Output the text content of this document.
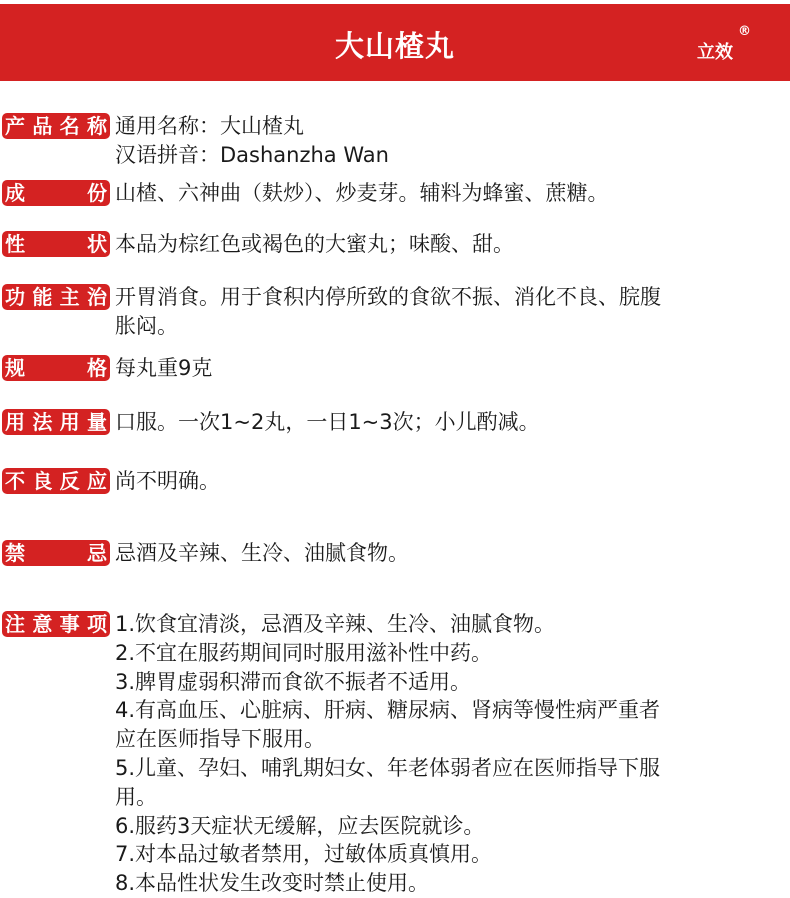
大山楂丸	立效
®
产品名称 通用名称：大山楂丸
汉语拼音：Dashanzha Wan
成份 山楂、六神曲（麸炒）、炒麦芽。辅料为蜂蜜、蔗糖。
性状 本品为棕红色或褐色的大蜜丸；味酸、甜。
功能主治 开胃消食。用于食积内停所致的食欲不振、消化不良、脘腹
胀闷。
规格 每丸重9克
用法用量 口服。一次1~2丸，一日1~3次；小儿酌减。
不良反应 尚不明确。
禁忌 忌酒及辛辣、生冷、油腻食物。
注意事项 1.饮食宜清淡，忌酒及辛辣、生冷、油腻食物。
2.不宜在服药期间同时服用滋补性中药。
3.脾胃虚弱积滞而食欲不振者不适用。
4.有高血压、心脏病、肝病、糖尿病、肾病等慢性病严重者
应在医师指导下服用。
5.儿童、孕妇、哺乳期妇女、年老体弱者应在医师指导下服
用。
6.服药3天症状无缓解，应去医院就诊。
7.对本品过敏者禁用，过敏体质真慎用。
8.本品性状发生改变时禁止使用。
